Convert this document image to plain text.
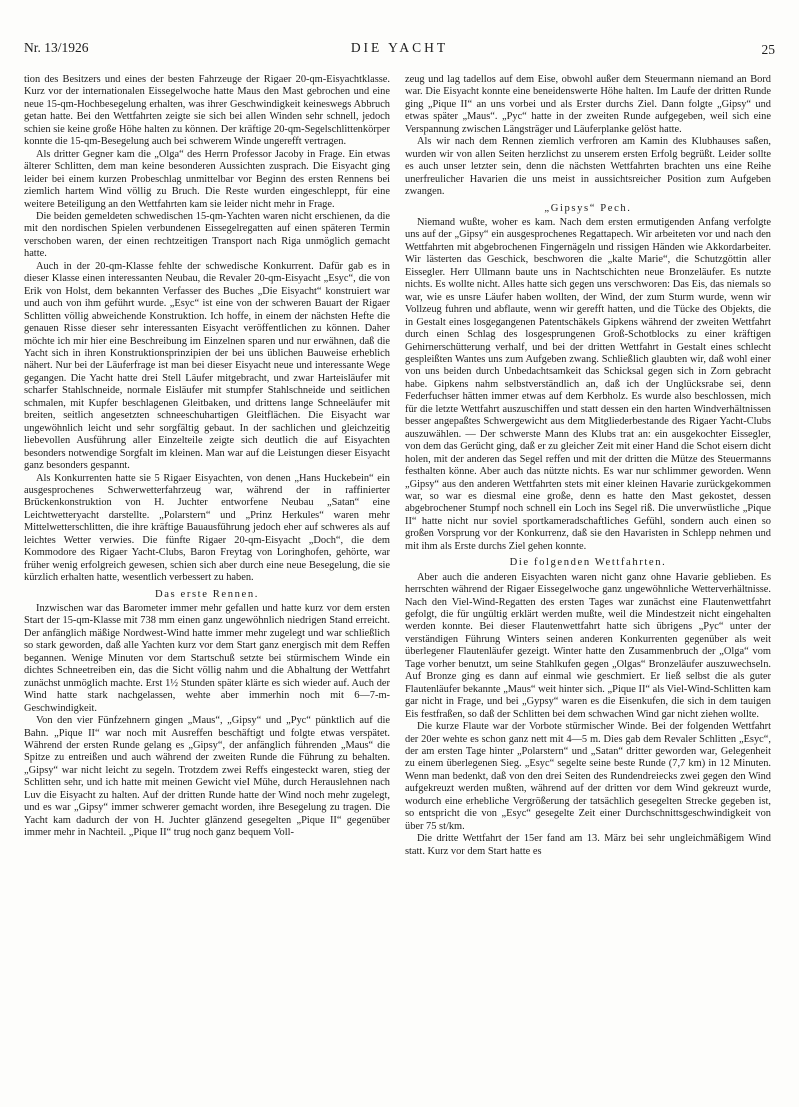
Nr. 13/1926	DIE YACHT	25

tion des Besitzers und eines der besten Fahrzeuge der Rigaer 20-qm-Eisyachtklasse. Kurz vor der internationalen Eissegelwoche hatte Maus den Mast gebrochen und eine neue 15-qm-Hochbesegelung erhalten, was ihrer Geschwindigkeit keineswegs Abbruch getan hatte. Bei den Wettfahrten zeigte sie sich bei allen Winden sehr schnell, jedoch schien sie keine große Höhe halten zu können. Der kräftige 20-qm-Segelschlittenkörper konnte die 15-qm-Besegelung auch bei schwerem Winde ungerefft vertragen.

Als dritter Gegner kam die „Olga“ des Herrn Professor Jacoby in Frage. Ein etwas älterer Schlitten, dem man keine besonderen Aussichten zusprach. Die Eisyacht ging leider bei einem kurzen Probeschlag unmittelbar vor Beginn des ersten Rennens bei ziemlich hartem Wind völlig zu Bruch. Die Reste wurden eingeschleppt, für eine weitere Beteiligung an den Wettfahrten kam sie leider nicht mehr in Frage.

Die beiden gemeldeten schwedischen 15-qm-Yachten waren nicht erschienen, da die mit den nordischen Spielen verbundenen Eissegelregatten auf einen späteren Termin verschoben waren, der einen rechtzeitigen Transport nach Riga unmöglich gemacht hatte.

Auch in der 20-qm-Klasse fehlte der schwedische Konkurrent. Dafür gab es in dieser Klasse einen interessanten Neubau, die Revaler 20-qm-Eisyacht „Esyc“, die von Erik von Holst, dem bekannten Verfasser des Buches „Die Eisyacht“ konstruiert war und auch von ihm geführt wurde. „Esyc“ ist eine von der schweren Bauart der Rigaer Schlitten völlig abweichende Konstruktion. Ich hoffe, in einem der nächsten Hefte die genauen Risse dieser sehr interessanten Eisyacht veröffentlichen zu können. Daher möchte ich mir hier eine Beschreibung im Einzelnen sparen und nur erwähnen, daß die Yacht sich in ihren Konstruktionsprinzipien der bei uns üblichen Bauweise erheblich nähert. Nur bei der Läuferfrage ist man bei dieser Eisyacht neue und interessante Wege gegangen. Die Yacht hatte drei Stell Läufer mitgebracht, und zwar Harteisläufer mit scharfer Stahlschneide, normale Eisläufer mit stumpfer Stahlschneide und seitlichen schmalen, mit Kupfer beschlagenen Gleitbaken, und drittens lange Schneeläufer mit breiten, seitlich angesetzten schneeschuhartigen Gleitflächen. Die Eisyacht war ungewöhnlich leicht und sehr sorgfältig gebaut. In der sachlichen und gleichzeitig liebevollen Ausführung aller Einzelteile zeigte sich deutlich die auf Eisyachten besonders notwendige Sorgfalt im kleinen. Man war auf die Leistungen dieser Eisyacht ganz besonders gespannt.

Als Konkurrenten hatte sie 5 Rigaer Eisyachten, von denen „Hans Huckebein“ ein ausgesprochenes Schwerwetterfahrzeug war, während der in raffinierter Brückenkonstruktion von H. Juchter entworfene Neubau „Satan“ eine Leichtwetteryacht darstellte. „Polarstern“ und „Prinz Herkules“ waren mehr Mittelwetterschlitten, die ihre kräftige Bauausführung jedoch eher auf schweres als auf leichtes Wetter verwies. Die fünfte Rigaer 20-qm-Eisyacht „Doch“, die dem Kommodore des Rigaer Yacht-Clubs, Baron Freytag von Loringhofen, gehörte, war früher wenig erfolgreich gewesen, schien sich aber durch eine neue Besegelung, die sie kürzlich erhalten hatte, wesentlich verbessert zu haben.

Das erste Rennen.

Inzwischen war das Barometer immer mehr gefallen und hatte kurz vor dem ersten Start der 15-qm-Klasse mit 738 mm einen ganz ungewöhnlich niedrigen Stand erreicht. Der anfänglich mäßige Nordwest-Wind hatte immer mehr zugelegt und war schließlich so stark geworden, daß alle Yachten kurz vor dem Start ganz energisch mit dem Reffen begannen. Wenige Minuten vor dem Startschuß setzte bei stürmischem Winde ein dichtes Schneetreiben ein, das die Sicht völlig nahm und die Abhaltung der Wettfahrt zunächst unmöglich machte. Erst 1½ Stunden später klärte es sich wieder auf. Auch der Wind hatte stark nachgelassen, wehte aber immerhin noch mit 6—7-m-Geschwindigkeit.

Von den vier Fünfzehnern gingen „Maus“, „Gipsy“ und „Pyc“ pünktlich auf die Bahn. „Pique II“ war noch mit Ausreffen beschäftigt und folgte etwas verspätet. Während der ersten Runde gelang es „Gipsy“, der anfänglich führenden „Maus“ die Spitze zu entreißen und auch während der zweiten Runde die Führung zu behalten. „Gipsy“ war nicht leicht zu segeln. Trotzdem zwei Reffs eingesteckt waren, stieg der Schlitten sehr, und ich hatte mit meinen Gewicht vieI Mühe, durch Herauslehnen nach Luv die Eisyacht zu halten. Auf der dritten Runde hatte der Wind noch mehr zugelegt, und es war „Gipsy“ immer schwerer gemacht worden, ihre Besegelung zu tragen. Die Yacht kam dadurch der von H. Juchter glänzend gesegelten „Pique II“ gegenüber immer mehr in Nachteil. „Pique II“ trug noch ganz bequem Voll-

zeug und lag tadellos auf dem Eise, obwohl außer dem Steuermann niemand an Bord war. Die Eisyacht konnte eine beneidenswerte Höhe halten. Im Laufe der dritten Runde ging „Pique II“ an uns vorbei und als Erster durchs Ziel. Dann folgte „Gipsy“ und etwas später „Maus“. „Pyc“ hatte in der zweiten Runde aufgegeben, weil sich eine Verspannung zwischen Längsträger und Läuferplanke gelöst hatte.

Als wir nach dem Rennen ziemlich verfroren am Kamin des Klubhauses saßen, wurden wir von allen Seiten herzlichst zu unserem ersten Erfolg begrüßt. Leider sollte es auch unser letzter sein, denn die nächsten Wettfahrten brachten uns eine Reihe unerfreulicher Havarien die uns meist in aussichtsreicher Position zum Aufgeben zwangen.

„Gipsys“ Pech.

Niemand wußte, woher es kam. Nach dem ersten ermutigenden Anfang verfolgte uns auf der „Gipsy“ ein ausgesprochenes Regattapech. Wir arbeiteten vor und nach den Wettfahrten mit abgebrochenen Fingernägeln und rissigen Händen wie Akkordarbeiter. Wir lästerten das Geschick, beschworen die „kalte Marie“, die Schutzgöttin aller Eissegler. Herr Ullmann baute uns in Nachtschichten neue Bronzeläufer. Es nutzte nichts. Es wollte nicht. Alles hatte sich gegen uns verschworen: Das Eis, das niemals so war, wie es unsre Läufer haben wollten, der Wind, der zum Sturm wurde, wenn wir Vollzeug fuhren und abflaute, wenn wir gerefft hatten, und die Tücke des Objekts, die in Gestalt eines losgegangenen Patentschäkels Gipkens während der zweiten Wettfahrt durch einen Schlag des losgesprungenen Groß-Schotblocks zu einer kräftigen Gehirnerschütterung verhalf, und bei der dritten Wettfahrt in Gestalt eines schlecht gespleißten Wantes uns zum Aufgeben zwang. Schließlich glaubten wir, daß wohl einer von uns beiden durch Unbedachtsamkeit das Schicksal gegen sich in Zorn gebracht habe. Gipkens nahm selbstverständlich an, daß ich der Unglücksrabe sei, denn Federfuchser hätten immer etwas auf dem Kerbholz. Es wurde also beschlossen, mich für die letzte Wettfahrt auszuschiffen und statt dessen ein den harten Windverhältnissen besser angepaßtes Schwergewicht aus dem Mitgliederbestande des Rigaer Yacht-Clubs auszuwählen. — Der schwerste Mann des Klubs trat an: ein ausgekochter Eissegler, von dem das Gerücht ging, daß er zu gleicher Zeit mit einer Hand die Schot eisern dicht holen, mit der anderen das Segel reffen und mit der dritten die Mütze des Steuermanns festhalten könne. Aber auch das nützte nichts. Es war nur schlimmer geworden. Wenn „Gipsy“ aus den anderen Wettfahrten stets mit einer kleinen Havarie zurückgekommen war, so war es diesmal eine große, denn es hatte den Mast gekostet, dessen abgebrochener Stumpf noch schnell ein Loch ins Segel riß. Die unverwüstliche „Pique II“ hatte nicht nur soviel sportkameradschaftliches Gefühl, sondern auch einen so großen Vorsprung vor der Konkurrenz, daß sie den Havaristen in Schlepp nehmen und mit ihm als Erste durchs Ziel gehen konnte.

Die folgenden Wettfahrten.

Aber auch die anderen Eisyachten waren nicht ganz ohne Havarie geblieben. Es herrschten während der Rigaer Eissegelwoche ganz ungewöhnliche Wetterverhältnisse. Nach den Viel-Wind-Regatten des ersten Tages war zunächst eine Flautenwettfahrt gefolgt, die für ungültig erklärt werden mußte, weil die Mindestzeit nicht eingehalten werden konnte. Bei dieser Flautenwettfahrt hatte sich übrigens „Pyc“ unter der verständigen Führung Winters seinen anderen Konkurrenten gegenüber als weit überlegener Flautenläufer gezeigt. Winter hatte den Zusammenbruch der „Olga“ vom Tage vorher benutzt, um seine Stahlkufen gegen „Olgas“ Bronzeläufer auszuwechseln. Auf Bronze ging es dann auf einmal wie geschmiert. Er ließ selbst die als guter Flautenläufer bekannte „Maus“ weit hinter sich. „Pique II“ als Viel-Wind-Schlitten kam gar nicht in Frage, und bei „Gypsy“ waren es die Eisenkufen, die sich in dem tauigen Eis festfraßen, so daß der Schlitten bei dem schwachen Wind gar nicht ziehen wollte.

Die kurze Flaute war der Vorbote stürmischer Winde. Bei der folgenden Wettfahrt der 20er wehte es schon ganz nett mit 4—5 m. Dies gab dem Revaler Schlitten „Esyc“, der am ersten Tage hinter „Polarstern“ und „Satan“ dritter geworden war, Gelegenheit zu einem überlegenen Sieg. „Esyc“ segelte seine beste Runde (7,7 km) in 12 Minuten. Wenn man bedenkt, daß von den drei Seiten des Rundendreiecks zwei gegen den Wind aufgekreuzt werden mußten, während auf der dritten vor dem Wind gekreuzt wurde, wodurch eine erhebliche Vergrößerung der tatsächlich gesegelten Strecke gegeben ist, so entspricht die von „Esyc“ gesegelte Zeit einer Durchschnittsgeschwindigkeit von über 75 st/km.

Die dritte Wettfahrt der 15er fand am 13. März bei sehr ungleichmäßigem Wind statt. Kurz vor dem Start hatte es
